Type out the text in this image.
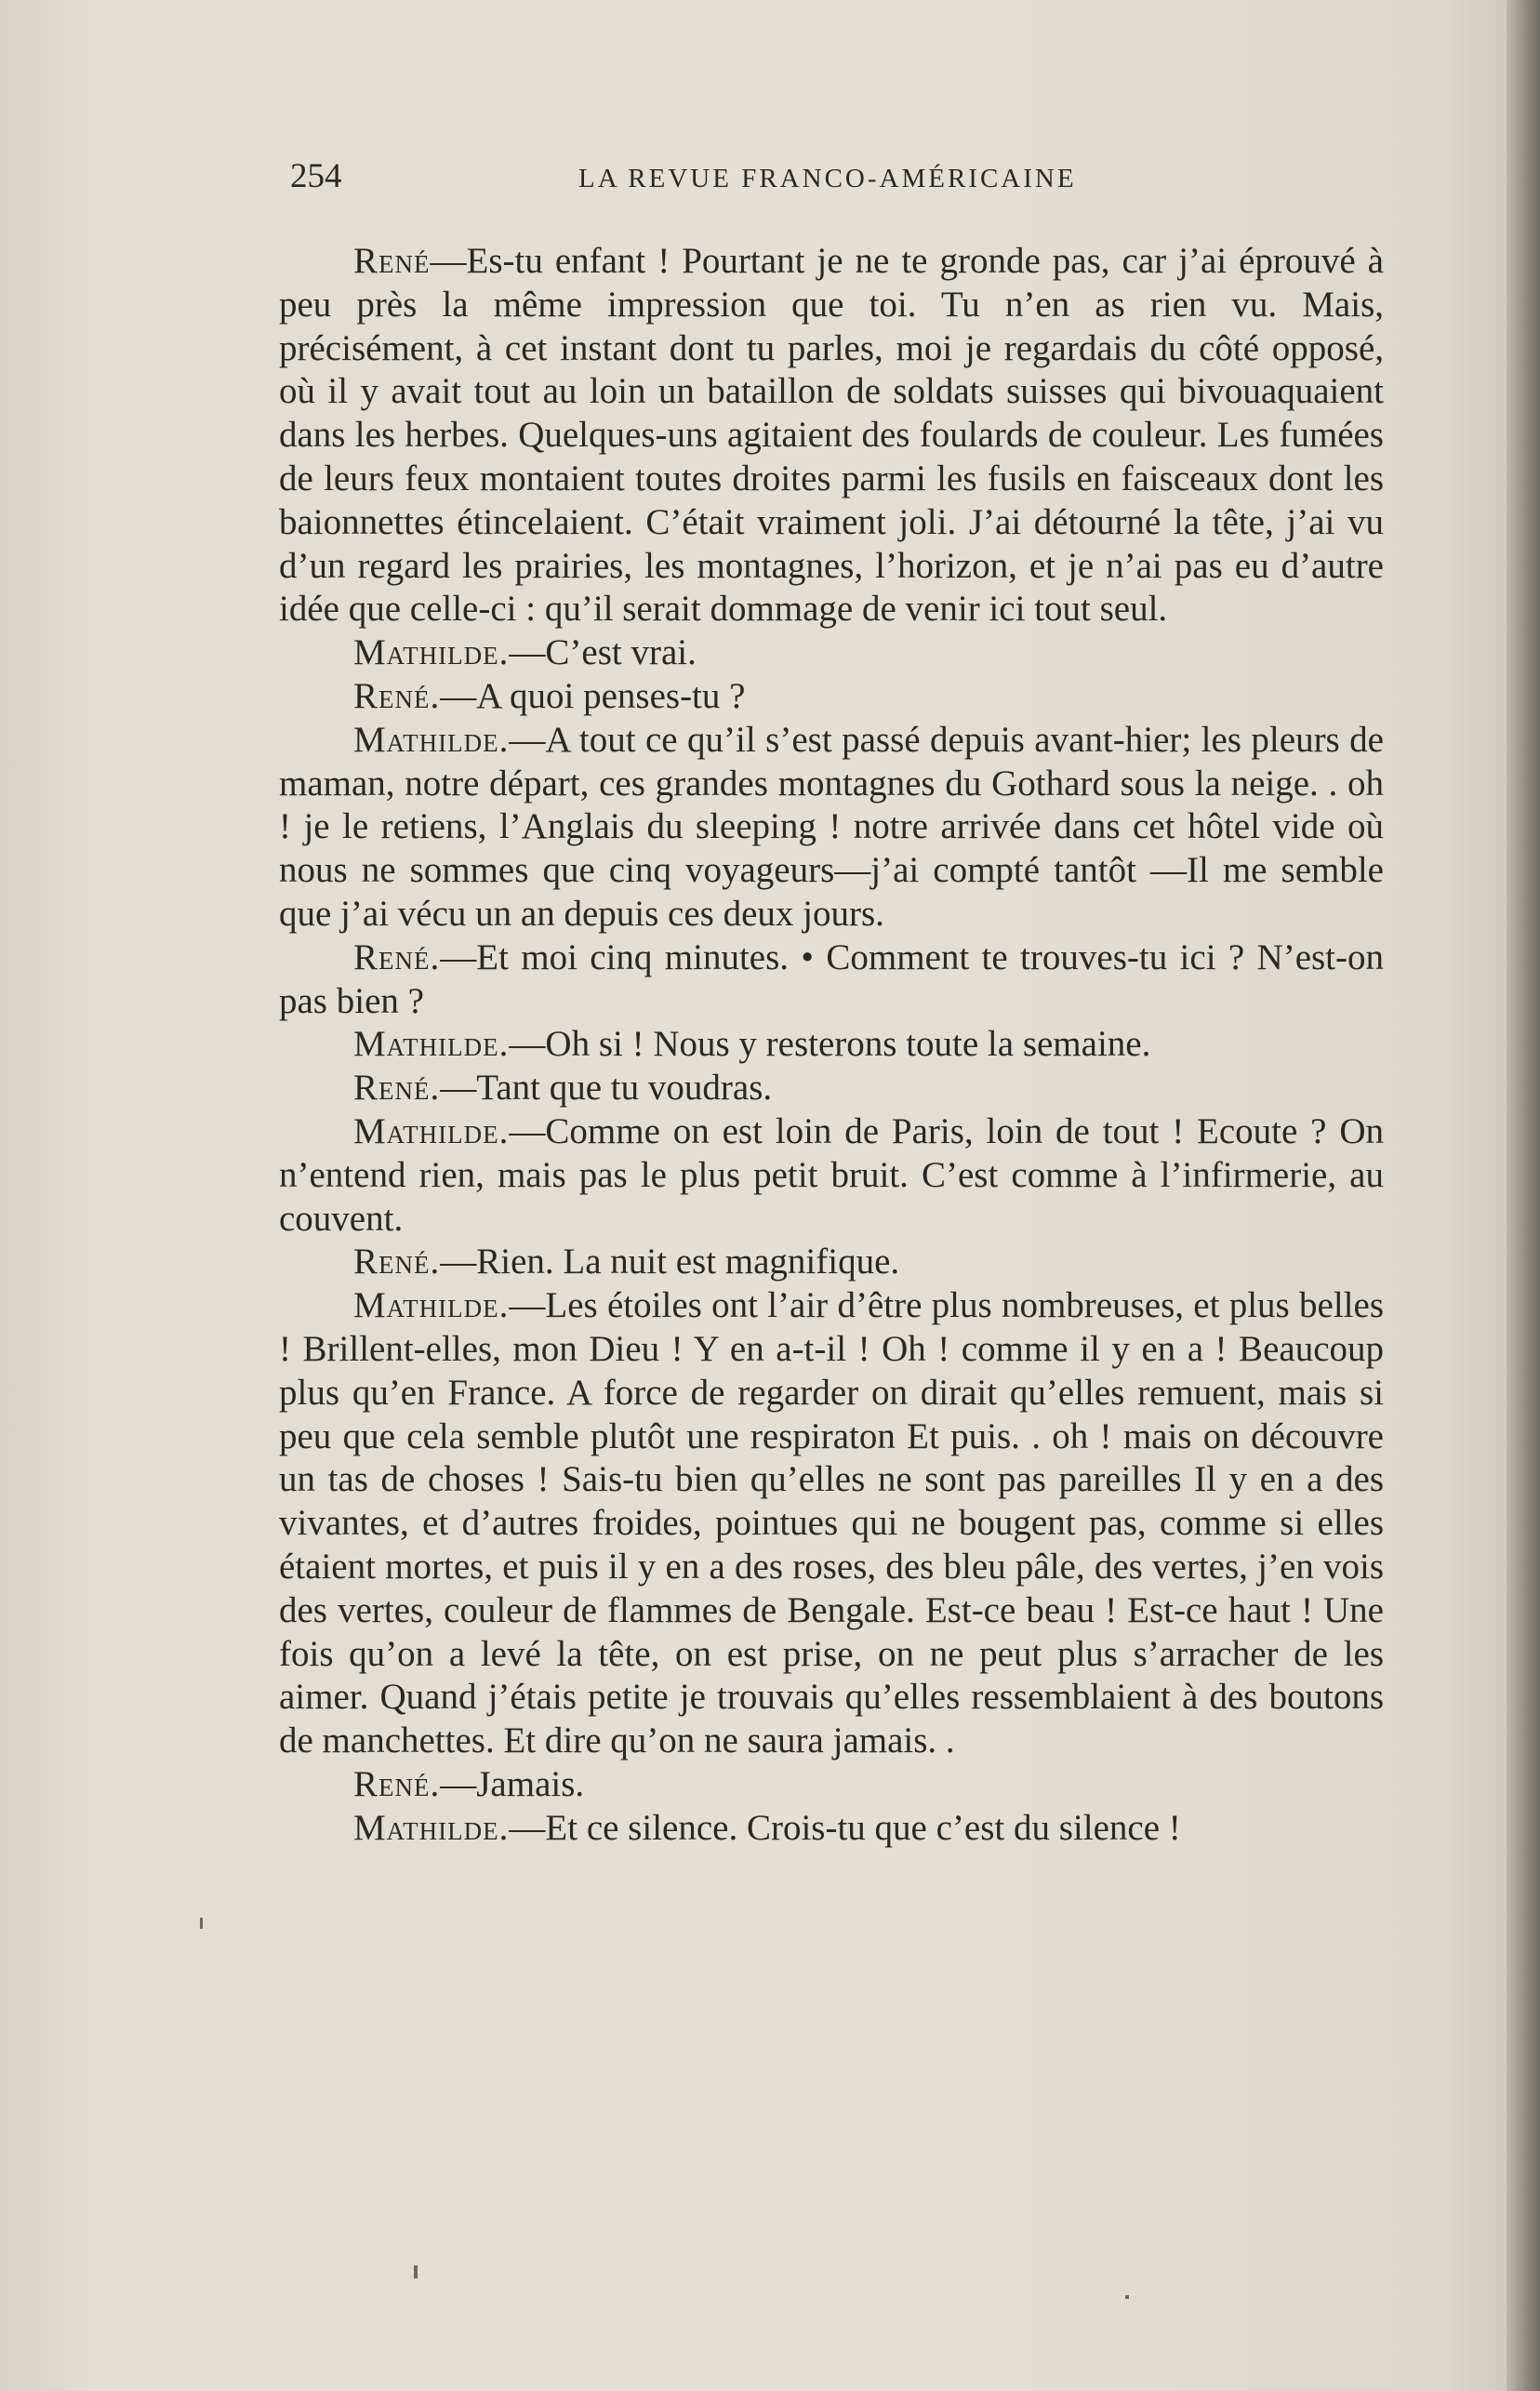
254	LA REVUE FRANCO-AMÉRICAINE

René—Es-tu enfant ! Pourtant je ne te gronde pas, car j’ai éprouvé à peu près la même impression que toi. Tu n’en as rien vu. Mais, précisément, à cet instant dont tu parles, moi je regardais du côté opposé, où il y avait tout au loin un bataillon de soldats suisses qui bivouaquaient dans les herbes. Quelques-uns agitaient des foulards de couleur. Les fumées de leurs feux montaient toutes droites parmi les fusils en faisceaux dont les baionnettes étincelaient. C’était vraiment joli. J’ai détourné la tête, j’ai vu d’un regard les prairies, les montagnes, l’horizon, et je n’ai pas eu d’autre idée que celle-ci : qu’il serait dommage de venir ici tout seul.

Mathilde.—C’est vrai.

René.—A quoi penses-tu ?

Mathilde.—A tout ce qu’il s’est passé depuis avant-hier; les pleurs de maman, notre départ, ces grandes montagnes du Gothard sous la neige. . oh ! je le retiens, l’Anglais du sleeping ! notre arrivée dans cet hôtel vide où nous ne sommes que cinq voyageurs—j’ai compté tantôt —Il me semble que j’ai vécu un an depuis ces deux jours.

René.—Et moi cinq minutes. • Comment te trouves-tu ici ? N’est-on pas bien ?

Mathilde.—Oh si ! Nous y resterons toute la semaine.

René.—Tant que tu voudras.

Mathilde.—Comme on est loin de Paris, loin de tout ! Ecoute ? On n’entend rien, mais pas le plus petit bruit. C’est comme à l’infirmerie, au couvent.

René.—Rien. La nuit est magnifique.

Mathilde.—Les étoiles ont l’air d’être plus nombreuses, et plus belles ! Brillent-elles, mon Dieu ! Y en a-t-il ! Oh ! comme il y en a ! Beaucoup plus qu’en France. A force de regarder on dirait qu’elles remuent, mais si peu que cela semble plutôt une respiraton Et puis. . oh ! mais on découvre un tas de choses ! Sais-tu bien qu’elles ne sont pas pareilles Il y en a des vivantes, et d’autres froides, pointues qui ne bougent pas, comme si elles étaient mortes, et puis il y en a des roses, des bleu pâle, des vertes, j’en vois des vertes, couleur de flammes de Bengale. Est-ce beau ! Est-ce haut ! Une fois qu’on a levé la tête, on est prise, on ne peut plus s’arracher de les aimer. Quand j’étais petite je trouvais qu’elles ressemblaient à des boutons de manchettes. Et dire qu’on ne saura jamais. .

René.—Jamais.

Mathilde.—Et ce silence. Crois-tu que c’est du silence !
